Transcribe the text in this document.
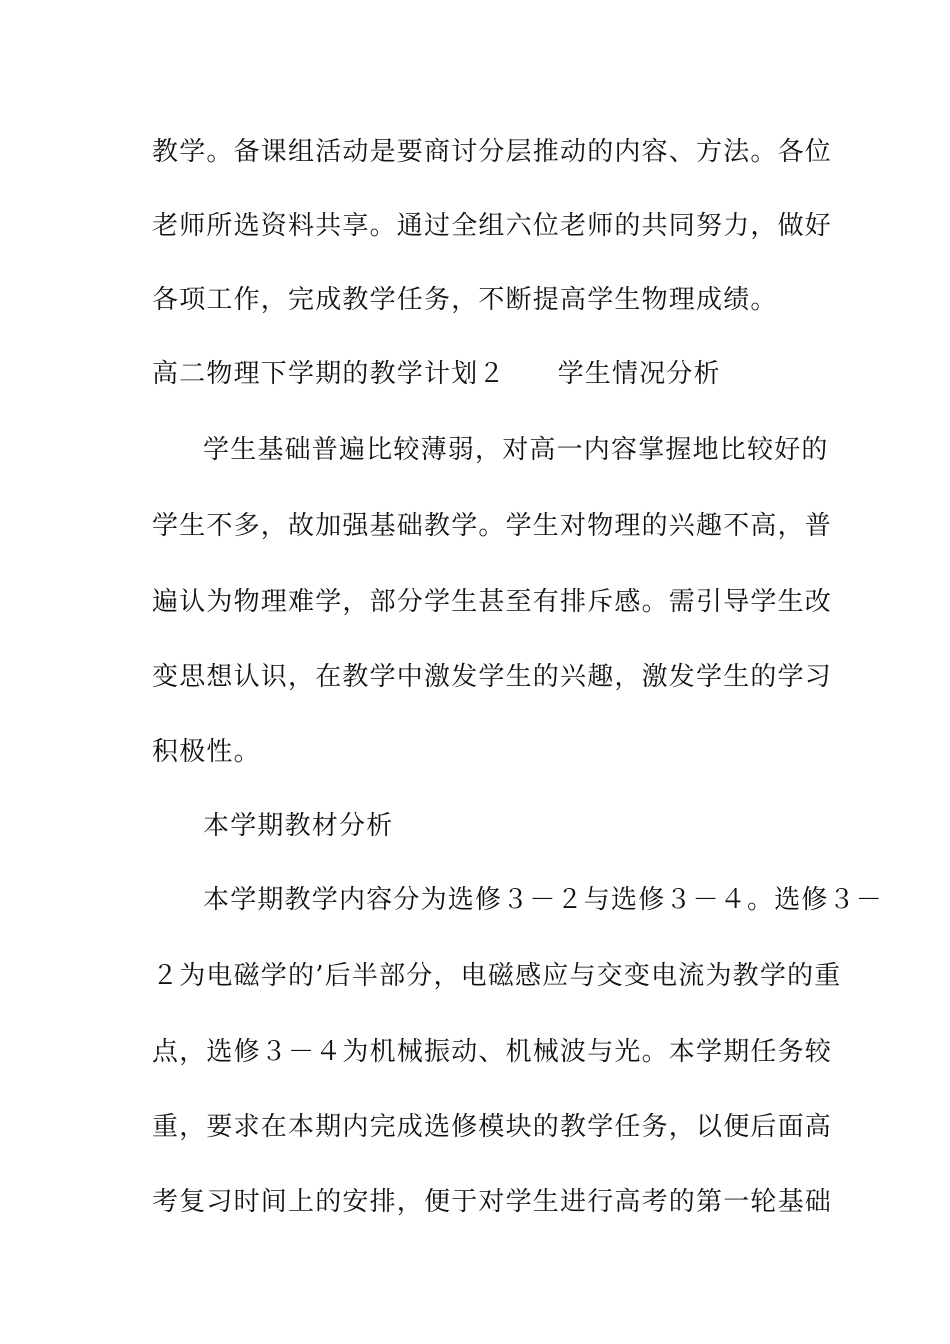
教学。备课组活动是要商讨分层推动的内容、方法。各位
老师所选资料共享。通过全组六位老师的共同努力，做好
各项工作，完成教学任务，不断提高学生物理成绩。
高二物理下学期的教学计划２ 学生情况分析
学生基础普遍比较薄弱，对高一内容掌握地比较好的
学生不多，故加强基础教学。学生对物理的兴趣不高，普
遍认为物理难学，部分学生甚至有排斥感。需引导学生改
变思想认识，在教学中激发学生的兴趣，激发学生的学习
积极性。
本学期教材分析
本学期教学内容分为选修３－２与选修３－４。选修３－
２为电磁学的’后半部分，电磁感应与交变电流为教学的重
点，选修３－４为机械振动、机械波与光。本学期任务较
重，要求在本期内完成选修模块的教学任务，以便后面高
考复习时间上的安排，便于对学生进行高考的第一轮基础
